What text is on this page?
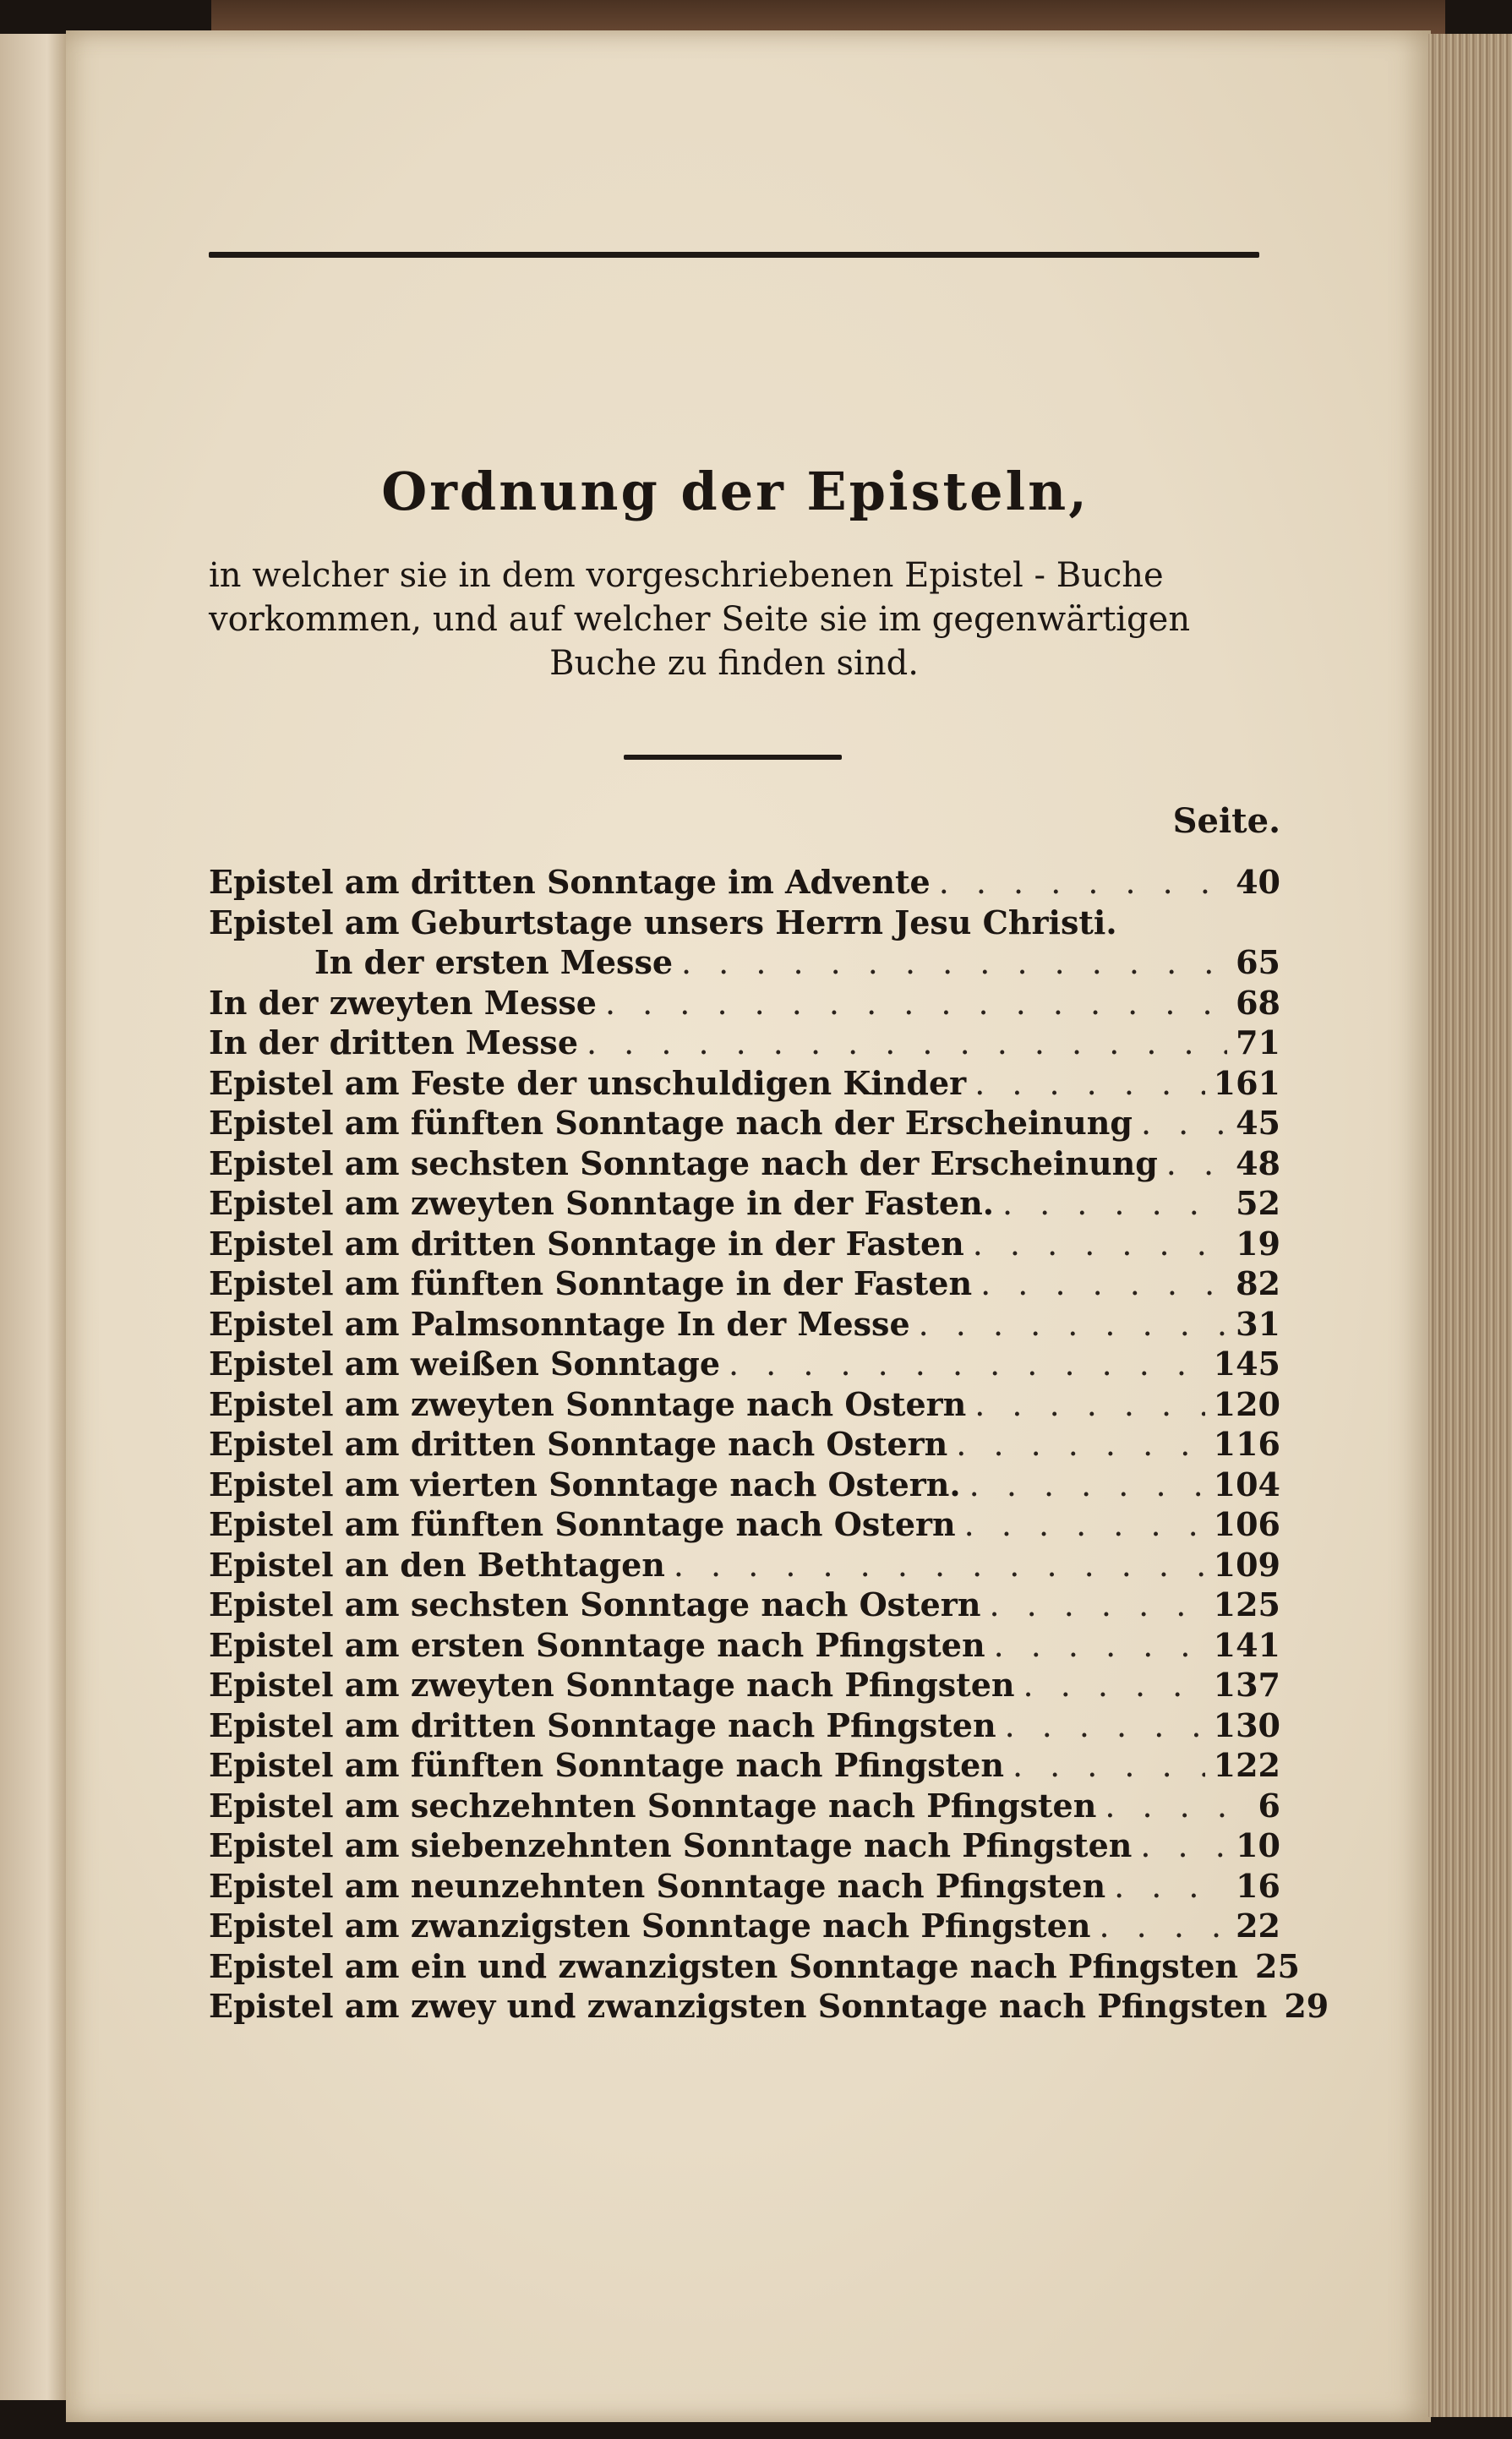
Ordnung der Episteln,
in welcher sie in dem vorgeschriebenen Epistel - Buche
vorkommen, und auf welcher Seite sie im gegenwärtigen
Buche zu finden sind.
Seite.
Epistel am dritten Sonntage im Advente . . .	40
Epistel am Geburtstage unsers Herrn Jesu Christi.
In der ersten Messe . . .	65
In der zweyten Messe . . .	68
In der dritten Messe . . .	71
Epistel am Feste der unschuldigen Kinder . . .	161
Epistel am fünften Sonntage nach der Erscheinung . . .	45
Epistel am sechsten Sonntage nach der Erscheinung . . . 48
Epistel am zweyten Sonntage in der Fasten. . . .	52
Epistel am dritten Sonntage in der Fasten . . .	19
Epistel am fünften Sonntage in der Fasten . . .	82
Epistel am Palmsonntage In der Messe . . .	31
Epistel am weißen Sonntage . . .	145
Epistel am zweyten Sonntage nach Ostern . . .	120
Epistel am dritten Sonntage nach Ostern . . .	116
Epistel am vierten Sonntage nach Ostern. . . .	104
Epistel am fünften Sonntage nach Ostern . . .	106
Epistel an den Bethtagen . . .	109
Epistel am sechsten Sonntage nach Ostern . . .	125
Epistel am ersten Sonntage nach Pfingsten . . .	141
Epistel am zweyten Sonntage nach Pfingsten . . .	137
Epistel am dritten Sonntage nach Pfingsten . . .	130
Epistel am fünften Sonntage nach Pfingsten . . .	122
Epistel am sechzehnten Sonntage nach Pfingsten . . .	6
Epistel am siebenzehnten Sonntage nach Pfingsten . . .	10
Epistel am neunzehnten Sonntage nach Pfingsten . . .	16
Epistel am zwanzigsten Sonntage nach Pfingsten . . .	22
Epistel am ein und zwanzigsten Sonntage nach Pfingsten 25
Epistel am zwey und zwanzigsten Sonntage nach Pfingsten 29
